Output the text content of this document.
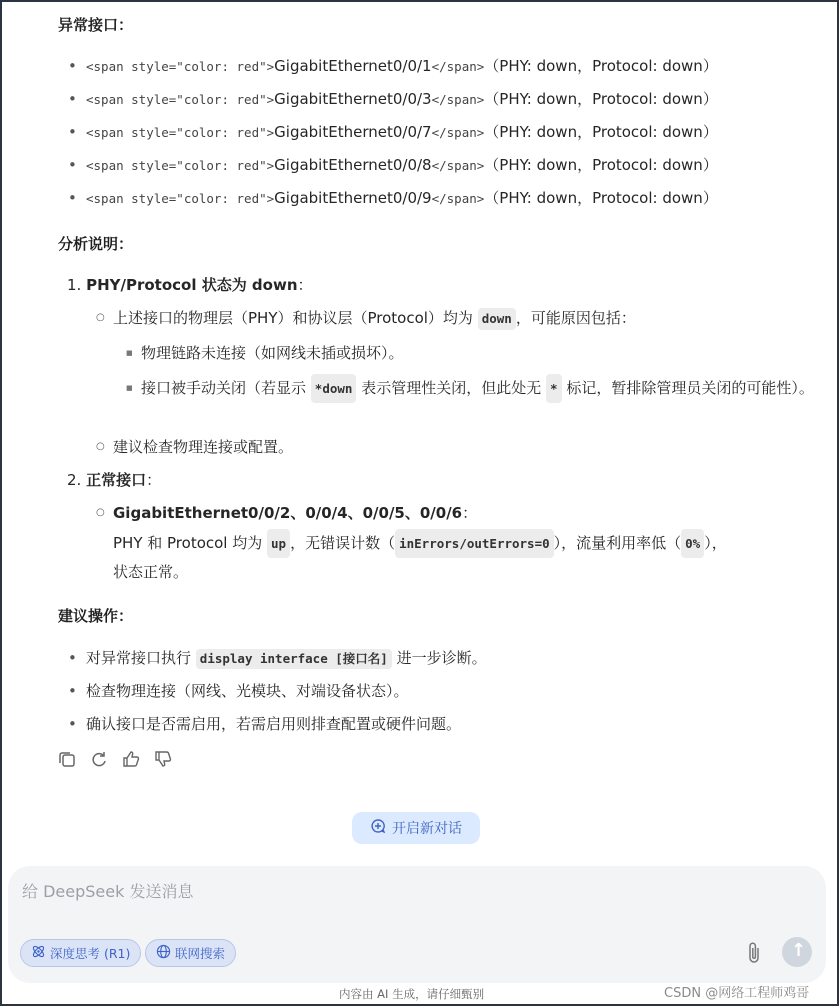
异常接口：
• <span style="color: red">GigabitEthernet0/0/1</span>（PHY: down，Protocol: down）
• <span style="color: red">GigabitEthernet0/0/3</span>（PHY: down，Protocol: down）
• <span style="color: red">GigabitEthernet0/0/7</span>（PHY: down，Protocol: down）
• <span style="color: red">GigabitEthernet0/0/8</span>（PHY: down，Protocol: down）
• <span style="color: red">GigabitEthernet0/0/9</span>（PHY: down，Protocol: down）
分析说明：
1. PHY/Protocol 状态为 down：
○ 上述接口的物理层（PHY）和协议层（Protocol）均为 down ，可能原因包括：
■ 物理链路未连接（如网线未插或损坏）。
■ 接口被手动关闭（若显示 *down 表示管理性关闭，但此处无 * 标记，暂排除管理员关闭的可能性）。
○ 建议检查物理连接或配置。
2. 正常接口：
○ GigabitEthernet0/0/2、0/0/4、0/0/5、0/0/6：
PHY 和 Protocol 均为 up ，无错误计数（ inErrors/outErrors=0 ），流量利用率低（ 0% ），
状态正常。
建议操作：
• 对异常接口执行 display interface [接口名] 进一步诊断。
• 检查物理连接（网线、光模块、对端设备状态）。
• 确认接口是否需启用，若需启用则排查配置或硬件问题。
开启新对话
给 DeepSeek 发送消息
深度思考 (R1)	联网搜索
↑
内容由 AI 生成，请仔细甄别	CSDN @网络工程师鸡哥
